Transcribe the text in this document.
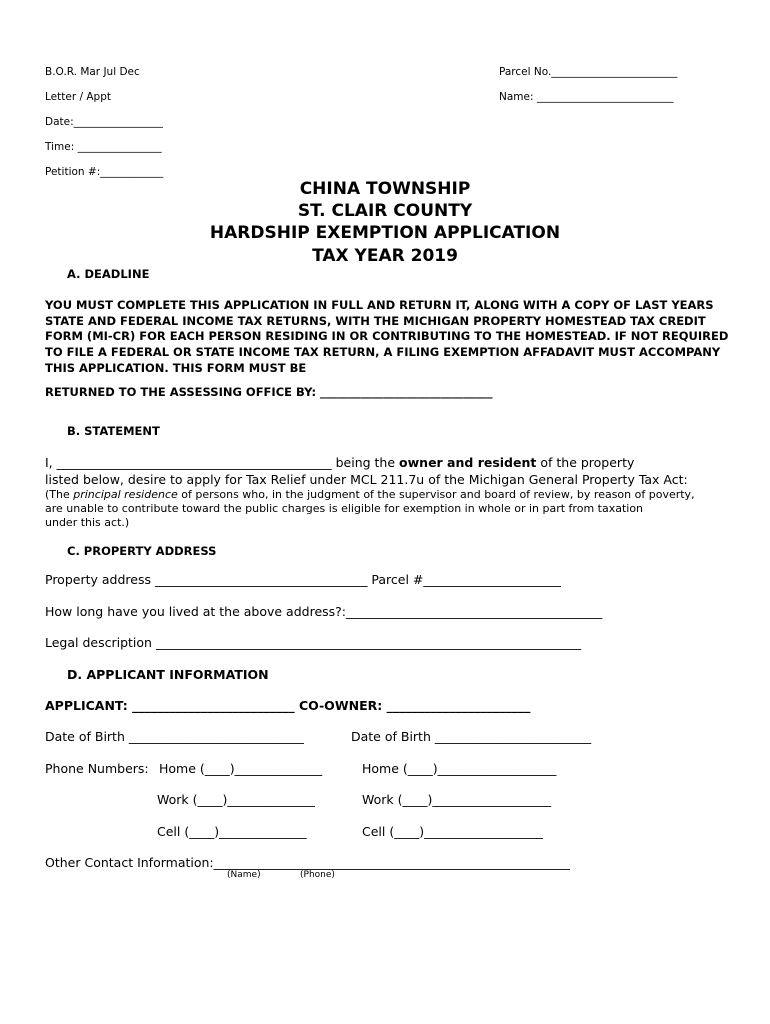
B.O.R. Mar Jul Dec
Letter / Appt
Date:_________________
Time: ________________
Petition #:____________
Parcel No.________________________
Name: __________________________
CHINA TOWNSHIP
ST. CLAIR COUNTY
HARDSHIP EXEMPTION APPLICATION
TAX YEAR 2019
A. DEADLINE
YOU MUST COMPLETE THIS APPLICATION IN FULL AND RETURN IT, ALONG WITH A COPY OF LAST YEARS STATE AND FEDERAL INCOME TAX RETURNS, WITH THE MICHIGAN PROPERTY HOMESTEAD TAX CREDIT FORM (MI-CR) FOR EACH PERSON RESIDING IN OR CONTRIBUTING TO THE HOMESTEAD. IF NOT REQUIRED TO FILE A FEDERAL OR STATE INCOME TAX RETURN, A FILING EXEMPTION AFFADAVIT MUST ACCOMPANY THIS APPLICATION. THIS FORM MUST BE
RETURNED TO THE ASSESSING OFFICE BY: ______________________________
B. STATEMENT
I, ____________________________________________ being the owner and resident of the property
listed below, desire to apply for Tax Relief under MCL 211.7u of the Michigan General Property Tax Act:
(The principal residence of persons who, in the judgment of the supervisor and board of review, by reason of poverty,
are unable to contribute toward the public charges is eligible for exemption in whole or in part from taxation
under this act.)
C. PROPERTY ADDRESS
Property address __________________________________ Parcel #______________________
How long have you lived at the above address?:_________________________________________
Legal description ____________________________________________________________________
D. APPLICANT INFORMATION
APPLICANT: __________________________ CO-OWNER: _______________________
Date of Birth ____________________________	Date of Birth _________________________
Phone Numbers: Home (____)______________	Home (____)___________________
Work (____)______________	Work (____)___________________
Cell (____)______________	Cell (____)___________________
Other Contact Information:_________________________________________________________
(Name)	(Phone)
